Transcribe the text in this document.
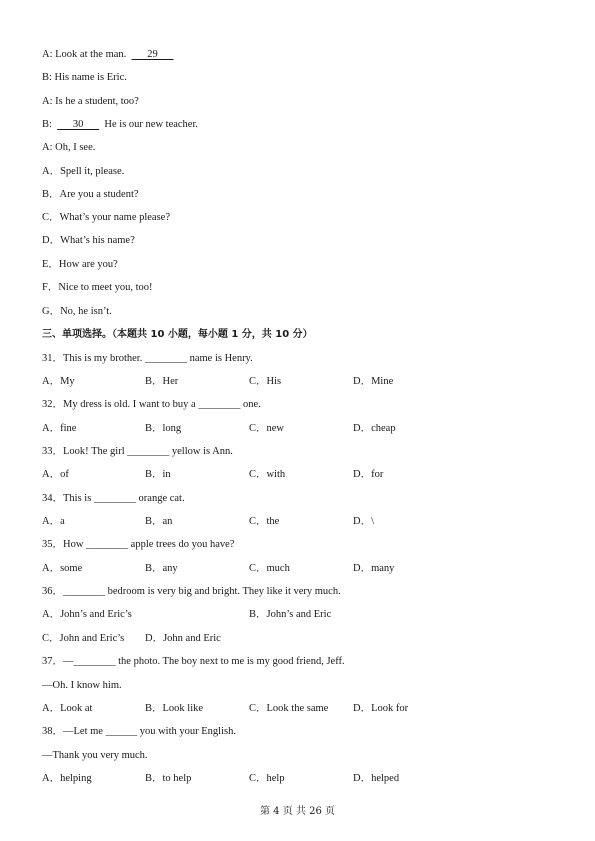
A: Look at the man.        29
B: His name is Eric.
A: Is he a student, too?
B:        30        He is our new teacher.
A: Oh, I see.
A．Spell it, please.
B．Are you a student?
C．What’s your name please?
D．What’s his name?
E．How are you?
F．Nice to meet you, too!
G．No, he isn’t.
三、单项选择。（本题共 10 小题，每小题 1 分，共 10 分）
31．This is my brother. ________ name is Henry.
A．My	B．Her	C．His	D．Mine
32．My dress is old. I want to buy a ________ one.
A．fine	B．long	C．new	D．cheap
33．Look! The girl ________ yellow is Ann.
A．of	B．in	C．with	D．for
34．This is ________ orange cat.
A．a	B．an	C．the	D．\
35．How ________ apple trees do you have?
A．some	B．any	C．much	D．many
36．________ bedroom is very big and bright. They like it very much.
A．John’s and Eric’s	B．John’s and Eric
C．John and Eric’s D．John and Eric
37．—________ the photo. The boy next to me is my good friend, Jeff.
—Oh. I know him.
A．Look at	B．Look like	C．Look the same D．Look for
38．—Let me ______ you with your English.
—Thank you very much.
A．helping	B．to help	C．help	D．helped
第 4 页 共 26 页
